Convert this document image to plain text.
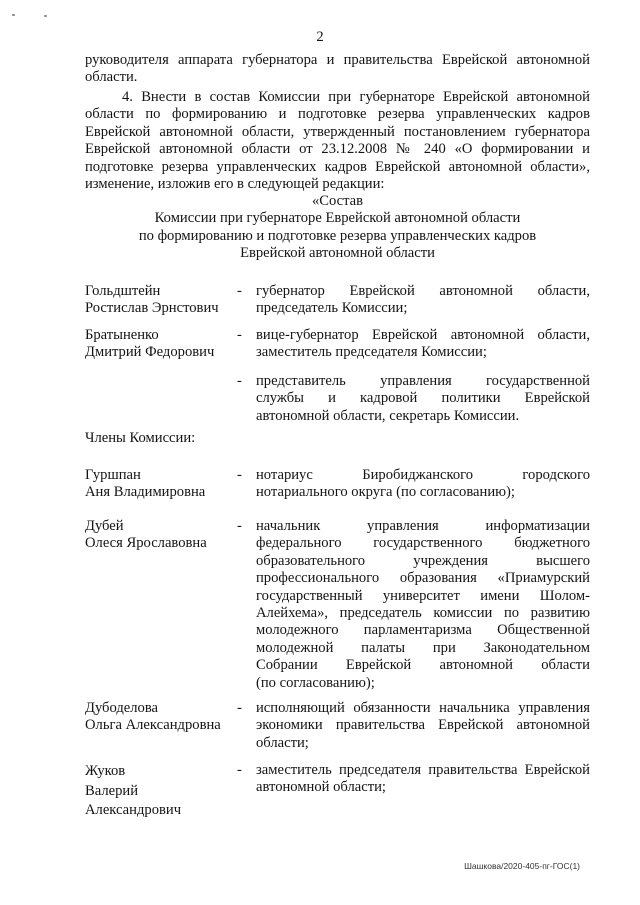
2
руководителя аппарата губернатора и правительства Еврейской автономной
области.
4. Внести в состав Комиссии при губернаторе Еврейской автономной
области по формированию и подготовке резерва управленческих кадров
Еврейской автономной области, утвержденный постановлением губернатора
Еврейской автономной области от 23.12.2008 № 240 «О формировании и
подготовке резерва управленческих кадров Еврейской автономной области»,
изменение, изложив его в следующей редакции:
«Состав
Комиссии при губернаторе Еврейской автономной области
по формированию и подготовке резерва управленческих кадров
Еврейской автономной области
Гольдштейн
Ростислав Эрнстович
- губернатор Еврейской автономной области,
председатель Комиссии;
Братыненко
Дмитрий Федорович
- вице-губернатор Еврейской автономной области,
заместитель председателя Комиссии;
- представитель управления государственной
службы и кадровой политики Еврейской
автономной области, секретарь Комиссии.
Члены Комиссии:
Гуршпан
Аня Владимировна
- нотариус Биробиджанского городского
нотариального округа (по согласованию);
Дубей
Олеся Ярославовна
- начальник управления информатизации
федерального государственного бюджетного
образовательного учреждения высшего
профессионального образования «Приамурский
государственный университет имени Шолом-
Алейхема», председатель комиссии по развитию
молодежного парламентаризма Общественной
молодежной палаты при Законодательном
Собрании Еврейской автономной области
(по согласованию);
Дубоделова
Ольга Александровна
- исполняющий обязанности начальника управления
экономики правительства Еврейской автономной
области;
Жуков
Валерий
Александрович
- заместитель председателя правительства Еврейской
автономной области;
Шашкова/2020-405-пг-ГОС(1)
